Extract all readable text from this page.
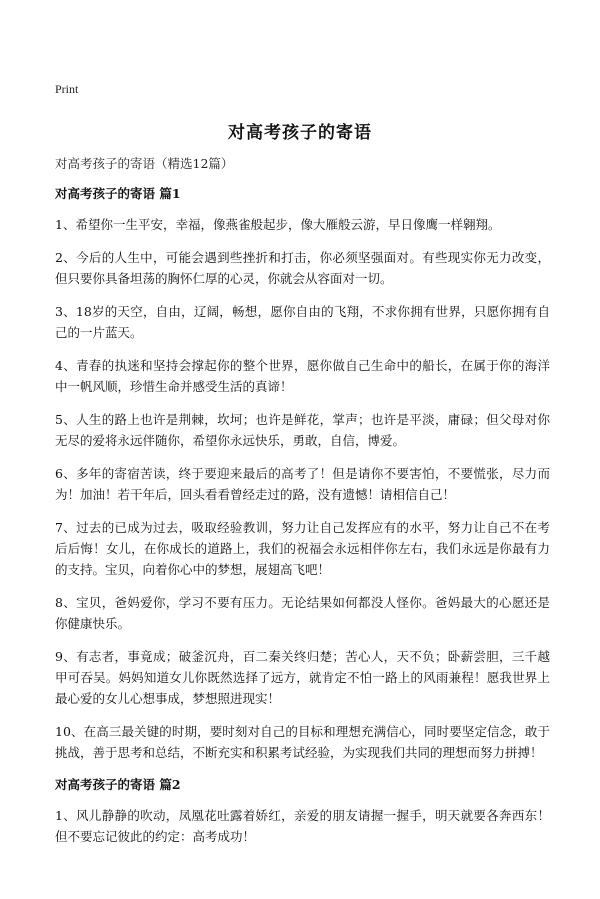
Print
对高考孩子的寄语
对高考孩子的寄语（精选12篇）
对高考孩子的寄语 篇1

1、希望你一生平安，幸福，像燕雀般起步，像大雁般云游，早日像鹰一样翱翔。

2、今后的人生中，可能会遇到些挫折和打击，你必须坚强面对。有些现实你无力改变，但只要你具备坦荡的胸怀仁厚的心灵，你就会从容面对一切。

3、18岁的天空，自由，辽阔，畅想，愿你自由的飞翔，不求你拥有世界，只愿你拥有自己的一片蓝天。

4、青春的执迷和坚持会撑起你的整个世界，愿你做自己生命中的船长，在属于你的海洋中一帆风顺，珍惜生命并感受生活的真谛！

5、人生的路上也许是荆棘，坎坷；也许是鲜花，掌声；也许是平淡，庸碌；但父母对你无尽的爱将永远伴随你，希望你永远快乐，勇敢，自信，博爱。

6、多年的寄宿苦读，终于要迎来最后的高考了！但是请你不要害怕，不要慌张，尽力而为！加油！若干年后，回头看看曾经走过的路，没有遗憾！请相信自己！

7、过去的已成为过去，吸取经验教训，努力让自己发挥应有的水平，努力让自己不在考后后悔！女儿，在你成长的道路上，我们的祝福会永远相伴你左右，我们永远是你最有力的支持。宝贝，向着你心中的梦想，展翅高飞吧！

8、宝贝，爸妈爱你，学习不要有压力。无论结果如何都没人怪你。爸妈最大的心愿还是你健康快乐。

9、有志者，事竟成；破釜沉舟，百二秦关终归楚；苦心人，天不负；卧薪尝胆，三千越甲可吞吴。妈妈知道女儿你既然选择了远方，就肯定不怕一路上的风雨兼程！愿我世界上最心爱的女儿心想事成，梦想照进现实！

10、在高三最关键的时期，要时刻对自己的目标和理想充满信心，同时要坚定信念，敢于挑战，善于思考和总结，不断充实和积累考试经验，为实现我们共同的理想而努力拼搏！

对高考孩子的寄语 篇2

1、风儿静静的吹动，凤凰花吐露着娇红，亲爱的朋友请握一握手，明天就要各奔西东！但不要忘记彼此的约定：高考成功！
